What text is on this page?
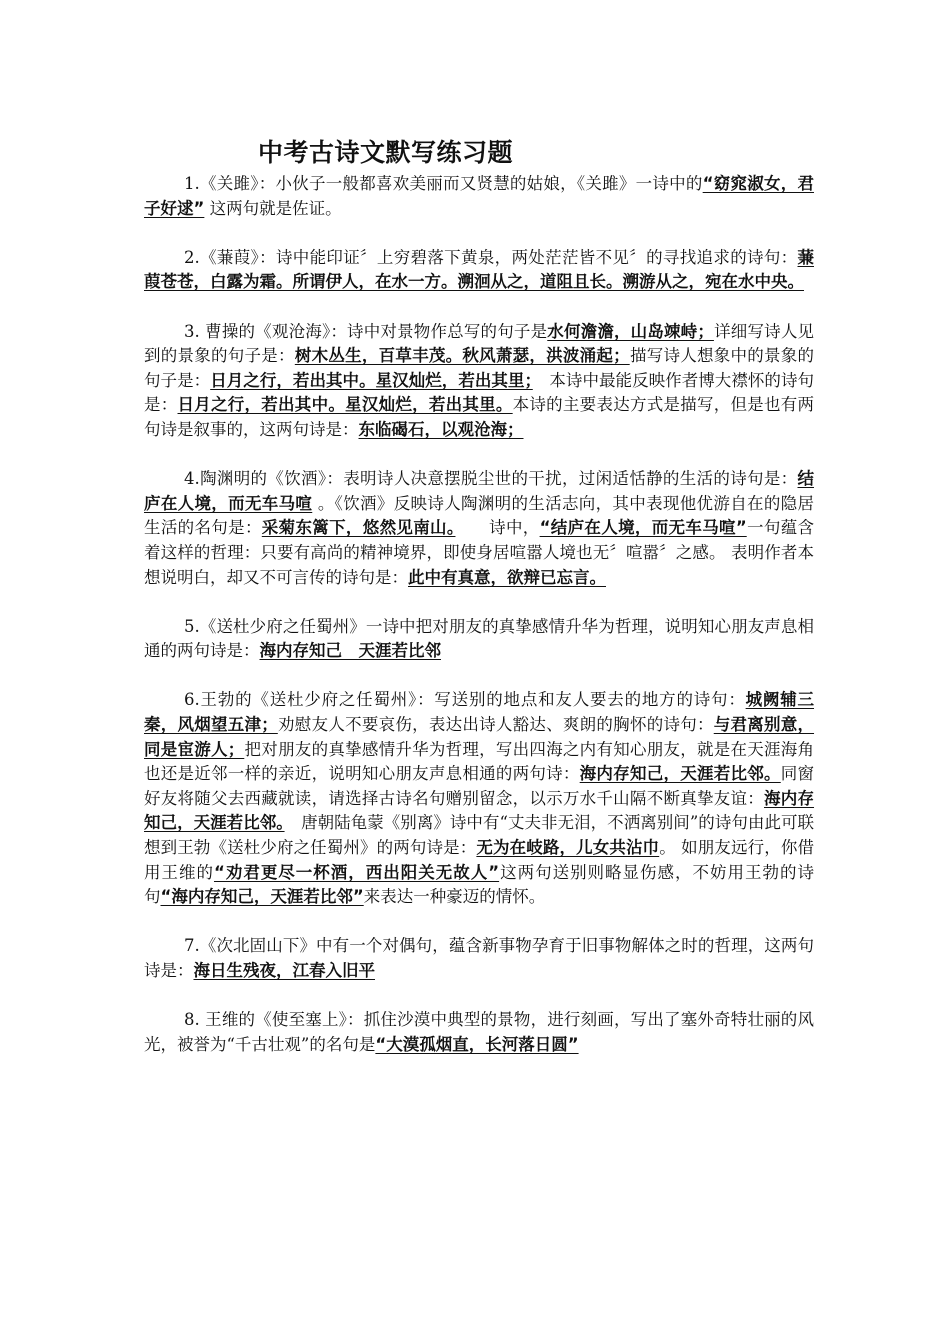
中考古诗文默写练习题

1.《关雎》：小伙子一般都喜欢美丽而又贤慧的姑娘，《关雎》一诗中的“窈窕淑女，君子好逑” 这两句就是佐证。

2.《蒹葭》：诗中能印证〞上穷碧落下黄泉，两处茫茫皆不见〞的寻找追求的诗句：蒹葭苍苍，白露为霜。所谓伊人，在水一方。溯洄从之，道阻且长。溯游从之，宛在水中央。

3. 曹操的《观沧海》：诗中对景物作总写的句子是水何澹澹，山岛竦峙；详细写诗人见到的景象的句子是：树木丛生，百草丰茂。秋风萧瑟，洪波涌起；描写诗人想象中的景象的句子是：日月之行，若出其中。星汉灿烂，若出其里；　本诗中最能反映作者博大襟怀的诗句是：日月之行，若出其中。星汉灿烂，若出其里。本诗的主要表达方式是描写，但是也有两句诗是叙事的，这两句诗是：东临碣石，以观沧海；

4.陶渊明的《饮酒》：表明诗人决意摆脱尘世的干扰，过闲适恬静的生活的诗句是：结庐在人境，而无车马喧 。《饮酒》反映诗人陶渊明的生活志向，其中表现他优游自在的隐居生活的名句是：采菊东篱下，悠然见南山。　　诗中，“结庐在人境，而无车马喧”一句蕴含着这样的哲理：只要有高尚的精神境界，即使身居喧嚣人境也无〞喧嚣〞之感。 表明作者本想说明白，却又不可言传的诗句是：此中有真意，欲辩已忘言。

5.《送杜少府之任蜀州》一诗中把对朋友的真挚感情升华为哲理，说明知心朋友声息相通的两句诗是：海内存知己　天涯若比邻

6.王勃的《送杜少府之任蜀州》：写送别的地点和友人要去的地方的诗句：城阙辅三秦，风烟望五津；劝慰友人不要哀伤，表达出诗人豁达、爽朗的胸怀的诗句：与君离别意，同是宦游人；把对朋友的真挚感情升华为哲理，写出四海之内有知心朋友，就是在天涯海角也还是近邻一样的亲近，说明知心朋友声息相通的两句诗：海内存知己，天涯若比邻。同窗好友将随父去西藏就读，请选择古诗名句赠别留念，以示万水千山隔不断真挚友谊：海内存知己，天涯若比邻。　唐朝陆龟蒙《别离》诗中有“丈夫非无泪，不洒离别间”的诗句由此可联想到王勃《送杜少府之任蜀州》的两句诗是：无为在岐路，儿女共沾巾。 如朋友远行，你借用王维的“劝君更尽一杯酒，西出阳关无故人”这两句送别则略显伤感，不妨用王勃的诗句“海内存知己，天涯若比邻”来表达一种豪迈的情怀。

7.《次北固山下》中有一个对偶句，蕴含新事物孕育于旧事物解体之时的哲理，这两句诗是：海日生残夜，江春入旧平

8. 王维的《使至塞上》：抓住沙漠中典型的景物，进行刻画，写出了塞外奇特壮丽的风光，被誉为“千古壮观”的名句是“大漠孤烟直，长河落日圆”
